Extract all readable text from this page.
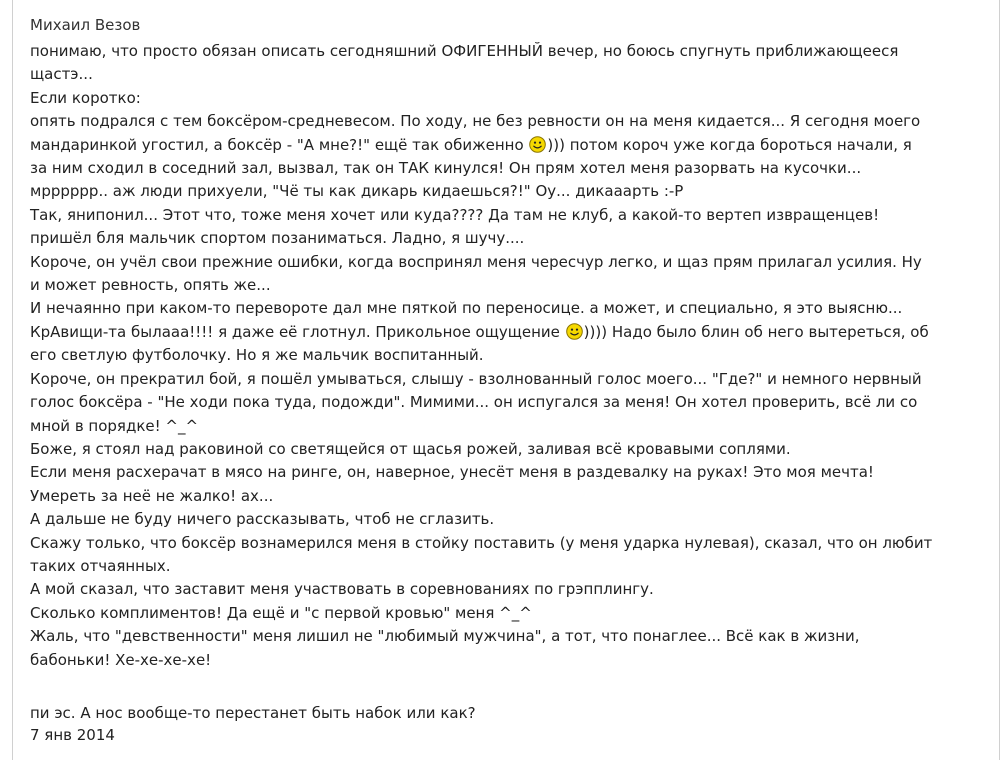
Михаил Везов

понимаю, что просто обязан описать сегодняшний ОФИГЕННЫЙ вечер, но боюсь спугнуть приближающееся

щастэ...

Если коротко:

опять подрался с тем боксёром-средневесом. По ходу, не без ревности он на меня кидается... Я сегодня моего

мандаринкой угостил, а боксёр - "А мне?!" ещё так обиженно ))) потом короч уже когда бороться начали, я

за ним сходил в соседний зал, вызвал, так он ТАК кинулся! Он прям хотел меня разорвать на кусочки...

мрррррр.. аж люди прихуели, "Чё ты как дикарь кидаешься?!" Оу... дикааарть :-Р

Так, янипонил... Этот что, тоже меня хочет или куда???? Да там не клуб, а какой-то вертеп извращенцев!

пришёл бля мальчик спортом позаниматься. Ладно, я шучу....

Короче, он учёл свои прежние ошибки, когда воспринял меня чересчур легко, и щаз прям прилагал усилия. Ну

и может ревность, опять же...

И нечаянно при каком-то перевороте дал мне пяткой по переносице. а может, и специально, я это выясню...

КрАвищи-та былааа!!!! я даже её глотнул. Прикольное ощущение )))) Надо было блин об него вытереться, об

его светлую футболочку. Но я же мальчик воспитанный.

Короче, он прекратил бой, я пошёл умываться, слышу - взолнованный голос моего... "Где?" и немного нервный

голос боксёра - "Не ходи пока туда, подожди". Мимими... он испугался за меня! Он хотел проверить, всё ли со

мной в порядке! ^_^

Боже, я стоял над раковиной со светящейся от щасья рожей, заливая всё кровавыми соплями.

Если меня расхерачат в мясо на ринге, он, наверное, унесёт меня в раздевалку на руках! Это моя мечта!

Умереть за неё не жалко! ах...

А дальше не буду ничего рассказывать, чтоб не сглазить.

Скажу только, что боксёр вознамерился меня в стойку поставить (у меня ударка нулевая), сказал, что он любит

таких отчаянных.

А мой сказал, что заставит меня участвовать в соревнованиях по грэпплингу.

Сколько комплиментов! Да ещё и "с первой кровью" меня ^_^

Жаль, что "девственности" меня лишил не "любимый мужчина", а тот, что понаглее... Всё как в жизни,

бабоньки! Хе-хе-хе-хе!

пи эс. А нос вообще-то перестанет быть набок или как?
7 янв 2014
